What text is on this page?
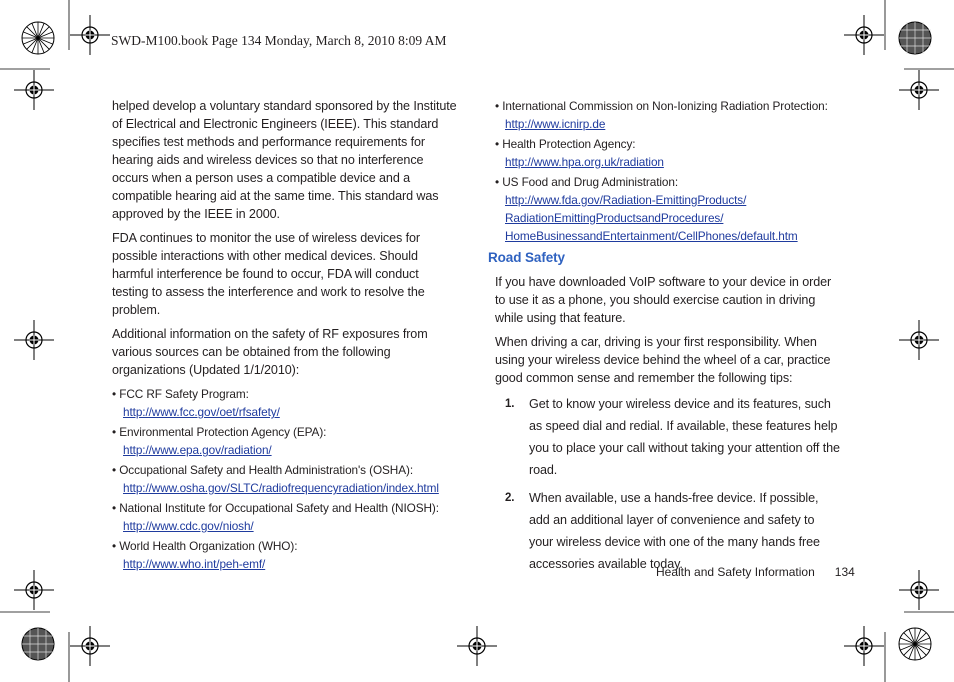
SWD-M100.book Page 134 Monday, March 8, 2010 8:09 AM

helped develop a voluntary standard sponsored by the Institute of Electrical and Electronic Engineers (IEEE). This standard specifies test methods and performance requirements for hearing aids and wireless devices so that no interference occurs when a person uses a compatible device and a compatible hearing aid at the same time. This standard was approved by the IEEE in 2000.

FDA continues to monitor the use of wireless devices for possible interactions with other medical devices. Should harmful interference be found to occur, FDA will conduct testing to assess the interference and work to resolve the problem.

Additional information on the safety of RF exposures from various sources can be obtained from the following organizations (Updated 1/1/2010):

• FCC RF Safety Program:
http://www.fcc.gov/oet/rfsafety/
• Environmental Protection Agency (EPA):
http://www.epa.gov/radiation/
• Occupational Safety and Health Administration's (OSHA):
http://www.osha.gov/SLTC/radiofrequencyradiation/index.html
• National Institute for Occupational Safety and Health (NIOSH):
http://www.cdc.gov/niosh/
• World Health Organization (WHO):
http://www.who.int/peh-emf/
• International Commission on Non-Ionizing Radiation Protection:
http://www.icnirp.de
• Health Protection Agency:
http://www.hpa.org.uk/radiation
• US Food and Drug Administration:
http://www.fda.gov/Radiation-EmittingProducts/
RadiationEmittingProductsandProcedures/
HomeBusinessandEntertainment/CellPhones/default.htm
Road Safety

If you have downloaded VoIP software to your device in order to use it as a phone, you should exercise caution in driving while using that feature.

When driving a car, driving is your first responsibility. When using your wireless device behind the wheel of a car, practice good common sense and remember the following tips:

1.	Get to know your wireless device and its features, such as speed dial and redial. If available, these features help you to place your call without taking your attention off the road.
2.	When available, use a hands-free device. If possible, add an additional layer of convenience and safety to your wireless device with one of the many hands free accessories available today.
Health and Safety Information 134
